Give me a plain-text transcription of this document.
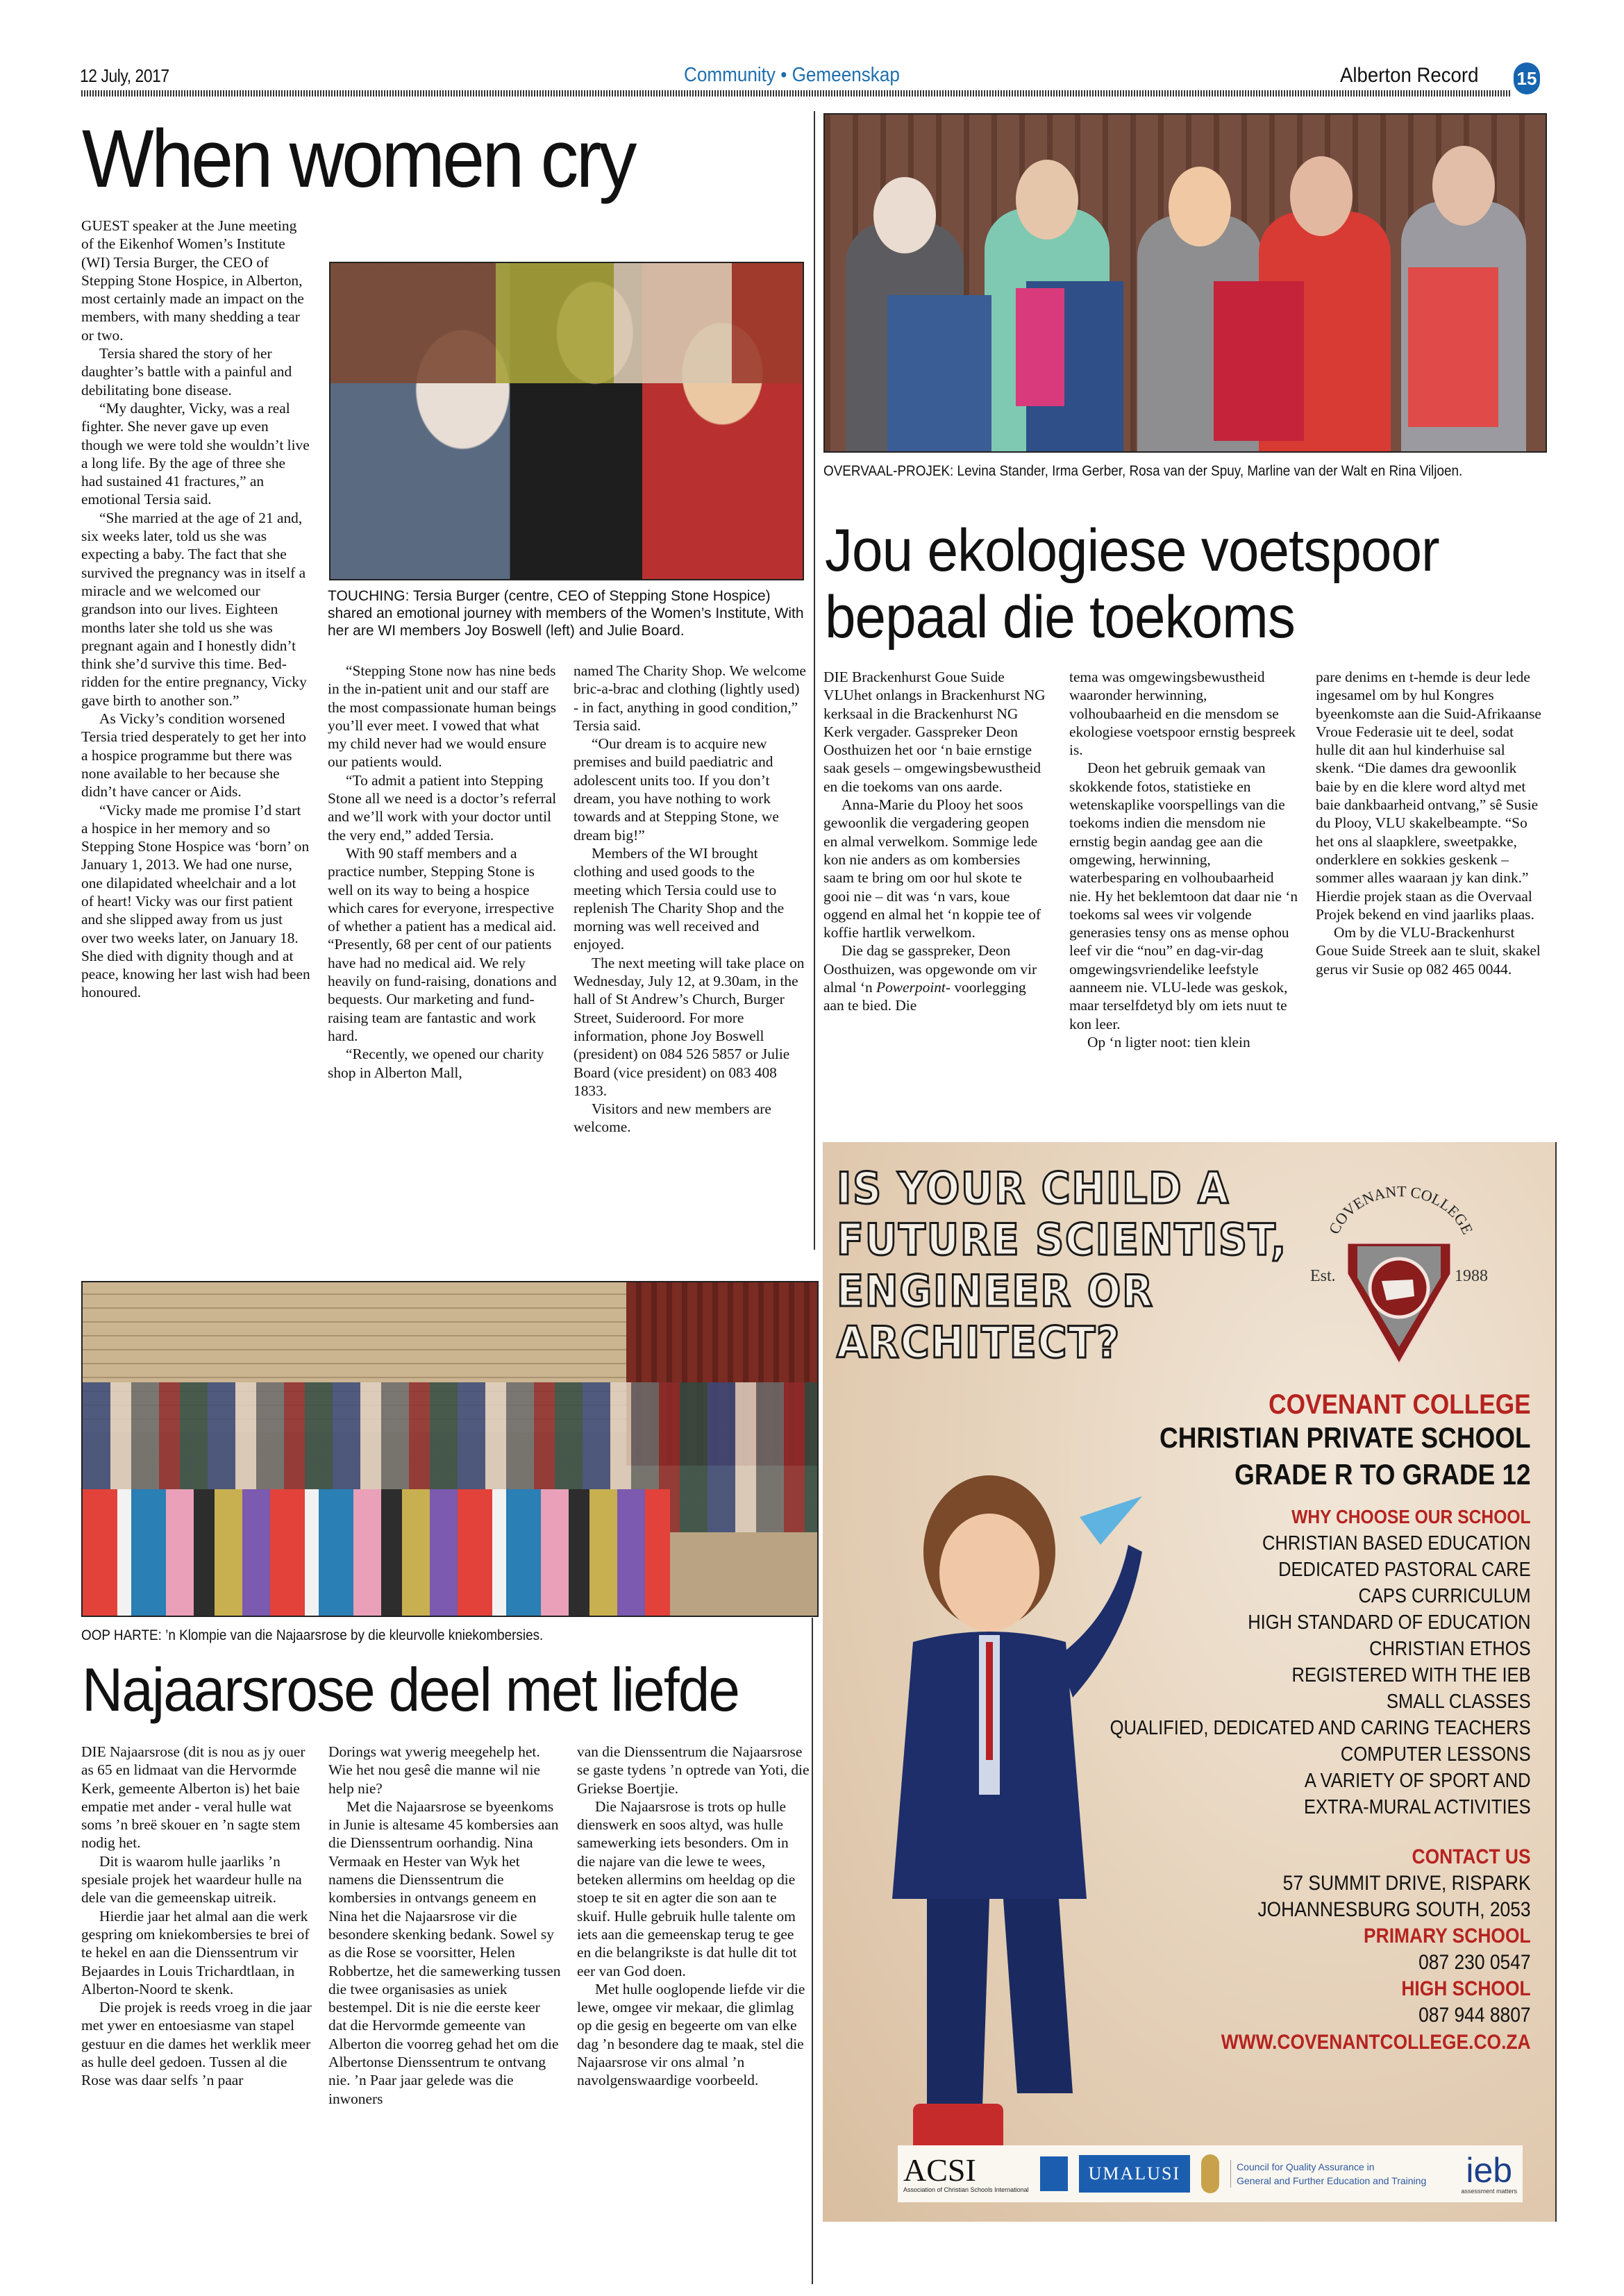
12 July, 2017	Community • Gemeenskap	Alberton Record 15
When women cry

GUEST speaker at the June meeting of the Eikenhof Women’s Institute (WI) Tersia Burger, the CEO of Stepping Stone Hospice, in Alberton, most certainly made an impact on the members, with many shedding a tear or two.

Tersia shared the story of her daughter’s battle with a painful and debilitating bone disease.

“My daughter, Vicky, was a real fighter. She never gave up even though we were told she wouldn’t live a long life. By the age of three she had sustained 41 fractures,” an emotional Tersia said.

“She married at the age of 21 and, six weeks later, told us she was expecting a baby. The fact that she survived the pregnancy was in itself a miracle and we welcomed our grandson into our lives. Eighteen months later she told us she was pregnant again and I honestly didn’t think she’d survive this time. Bed-ridden for the entire pregnancy, Vicky gave birth to another son.”

As Vicky’s condition worsened Tersia tried desperately to get her into a hospice programme but there was none available to her because she didn’t have cancer or Aids.

“Vicky made me promise I’d start a hospice in her memory and so Stepping Stone Hospice was ‘born’ on January 1, 2013. We had one nurse, one dilapidated wheelchair and a lot of heart! Vicky was our first patient and she slipped away from us just over two weeks later, on January 18. She died with dignity though and at peace, knowing her last wish had been honoured.

TOUCHING: Tersia Burger (centre, CEO of Stepping Stone Hospice) shared an emotional journey with members of the Women’s Institute, With her are WI members Joy Boswell (left) and Julie Board.

“Stepping Stone now has nine beds in the in-patient unit and our staff are the most compassionate human beings you’ll ever meet. I vowed that what my child never had we would ensure our patients would.

“To admit a patient into Stepping Stone all we need is a doctor’s referral and we’ll work with your doctor until the very end,” added Tersia.

With 90 staff members and a practice number, Stepping Stone is well on its way to being a hospice which cares for everyone, irrespective of whether a patient has a medical aid. “Presently, 68 per cent of our patients have had no medical aid. We rely heavily on fund-raising, donations and bequests. Our marketing and fund-raising team are fantastic and work hard.

“Recently, we opened our charity shop in Alberton Mall,

named The Charity Shop. We welcome bric-a-brac and clothing (lightly used) - in fact, anything in good condition,” Tersia said.

“Our dream is to acquire new premises and build paediatric and adolescent units too. If you don’t dream, you have nothing to work towards and at Stepping Stone, we dream big!”

Members of the WI brought clothing and used goods to the meeting which Tersia could use to replenish The Charity Shop and the morning was well received and enjoyed.

The next meeting will take place on Wednesday, July 12, at 9.30am, in the hall of St Andrew’s Church, Burger Street, Suideroord. For more information, phone Joy Boswell (president) on 084 526 5857 or Julie Board (vice president) on 083 408 1833.

Visitors and new members are welcome.

OVERVAAL-PROJEK: Levina Stander, Irma Gerber, Rosa van der Spuy, Marline van der Walt en Rina Viljoen.
Jou ekologiese voetspoor bepaal die toekoms

DIE Brackenhurst Goue Suide VLUhet onlangs in Brackenhurst NG kerksaal in die Brackenhurst NG Kerk vergader. Gasspreker Deon Oosthuizen het oor ‘n baie ernstige saak gesels – omgewingsbewustheid en die toekoms van ons aarde.

Anna-Marie du Plooy het soos gewoonlik die vergadering geopen en almal verwelkom. Sommige lede kon nie anders as om kombersies saam te bring om oor hul skote te gooi nie – dit was ‘n vars, koue oggend en almal het ‘n koppie tee of koffie hartlik verwelkom.

Die dag se gasspreker, Deon Oosthuizen, was opgewonde om vir almal ‘n Powerpoint- voorlegging aan te bied. Die

tema was omgewingsbewustheid waaronder herwinning, volhoubaarheid en die mensdom se ekologiese voetspoor ernstig bespreek is.

Deon het gebruik gemaak van skokkende fotos, statistieke en wetenskaplike voorspellings van die toekoms indien die mensdom nie ernstig begin aandag gee aan die omgewing, herwinning, waterbesparing en volhoubaarheid nie. Hy het beklemtoon dat daar nie ‘n toekoms sal wees vir volgende generasies tensy ons as mense ophou leef vir die “nou” en dag-vir-dag omgewingsvriendelike leefstyle aanneem nie. VLU-lede was geskok, maar terselfdetyd bly om iets nuut te kon leer.

Op ‘n ligter noot: tien klein

pare denims en t-hemde is deur lede ingesamel om by hul Kongres byeenkomste aan die Suid-Afrikaanse Vroue Federasie uit te deel, sodat hulle dit aan hul kinderhuise sal skenk. “Die dames dra gewoonlik baie by en die klere word altyd met baie dankbaarheid ontvang,” sê Susie du Plooy, VLU skakelbeampte. “So het ons al slaapklere, sweetpakke, onderklere en sokkies geskenk – sommer alles waaraan jy kan dink.” Hierdie projek staan as die Overvaal Projek bekend en vind jaarliks plaas.

Om by die VLU-Brackenhurst Goue Suide Streek aan te sluit, skakel gerus vir Susie op 082 465 0044.

OOP HARTE: ’n Klompie van die Najaarsrose by die kleurvolle kniekombersies.
Najaarsrose deel met liefde

DIE Najaarsrose (dit is nou as jy ouer as 65 en lidmaat van die Hervormde Kerk, gemeente Alberton is) het baie empatie met ander - veral hulle wat soms ’n breë skouer en ’n sagte stem nodig het.

Dit is waarom hulle jaarliks ’n spesiale projek het waardeur hulle na dele van die gemeenskap uitreik.

Hierdie jaar het almal aan die werk gespring om kniekombersies te brei of te hekel en aan die Dienssentrum vir Bejaardes in Louis Trichardtlaan, in Alberton-Noord te skenk.

Die projek is reeds vroeg in die jaar met ywer en entoesiasme van stapel gestuur en die dames het werklik meer as hulle deel gedoen. Tussen al die Rose was daar selfs ’n paar

Dorings wat ywerig meegehelp het. Wie het nou gesê die manne wil nie help nie?

Met die Najaarsrose se byeenkoms in Junie is altesame 45 kombersies aan die Dienssentrum oorhandig. Nina Vermaak en Hester van Wyk het namens die Dienssentrum die kombersies in ontvangs geneem en Nina het die Najaarsrose vir die besondere skenking bedank. Sowel sy as die Rose se voorsitter, Helen Robbertze, het die samewerking tussen die twee organisasies as uniek bestempel. Dit is nie die eerste keer dat die Hervormde gemeente van Alberton die voorreg gehad het om die Albertonse Dienssentrum te ontvang nie. ’n Paar jaar gelede was die inwoners

van die Dienssentrum die Najaarsrose se gaste tydens ’n optrede van Yoti, die Griekse Boertjie.

Die Najaarsrose is trots op hulle dienswerk en soos altyd, was hulle samewerking iets besonders. Om in die najare van die lewe te wees, beteken allermins om heeldag op die stoep te sit en agter die son aan te skuif. Hulle gebruik hulle talente om iets aan die gemeenskap terug te gee en die belangrikste is dat hulle dit tot eer van God doen.

Met hulle ooglopende liefde vir die lewe, omgee vir mekaar, die glimlag op die gesig en begeerte om van elke dag ’n besondere dag te maak, stel die Najaarsrose vir ons almal ’n navolgenswaardige voorbeeld.

IS YOUR CHILD A
FUTURE SCIENTIST,
ENGINEER OR
ARCHITECT?
COVENANT COLLEGE
Est.	1988
COVENANT COLLEGE
CHRISTIAN PRIVATE SCHOOL
GRADE R TO GRADE 12
WHY CHOOSE OUR SCHOOL
CHRISTIAN BASED EDUCATION
DEDICATED PASTORAL CARE
CAPS CURRICULUM
HIGH STANDARD OF EDUCATION
CHRISTIAN ETHOS
REGISTERED WITH THE IEB
SMALL CLASSES
QUALIFIED, DEDICATED AND CARING TEACHERS
COMPUTER LESSONS
A VARIETY OF SPORT AND
EXTRA-MURAL ACTIVITIES
CONTACT US
57 SUMMIT DRIVE, RISPARK
JOHANNESBURG SOUTH, 2053
PRIMARY SCHOOL
087 230 0547
HIGH SCHOOL
087 944 8807
WWW.COVENANTCOLLEGE.CO.ZA
ACSI
Association of Christian Schools International
UMALUSI	Council for Quality Assurance in
General and Further Education and Training ieb
assessment matters
